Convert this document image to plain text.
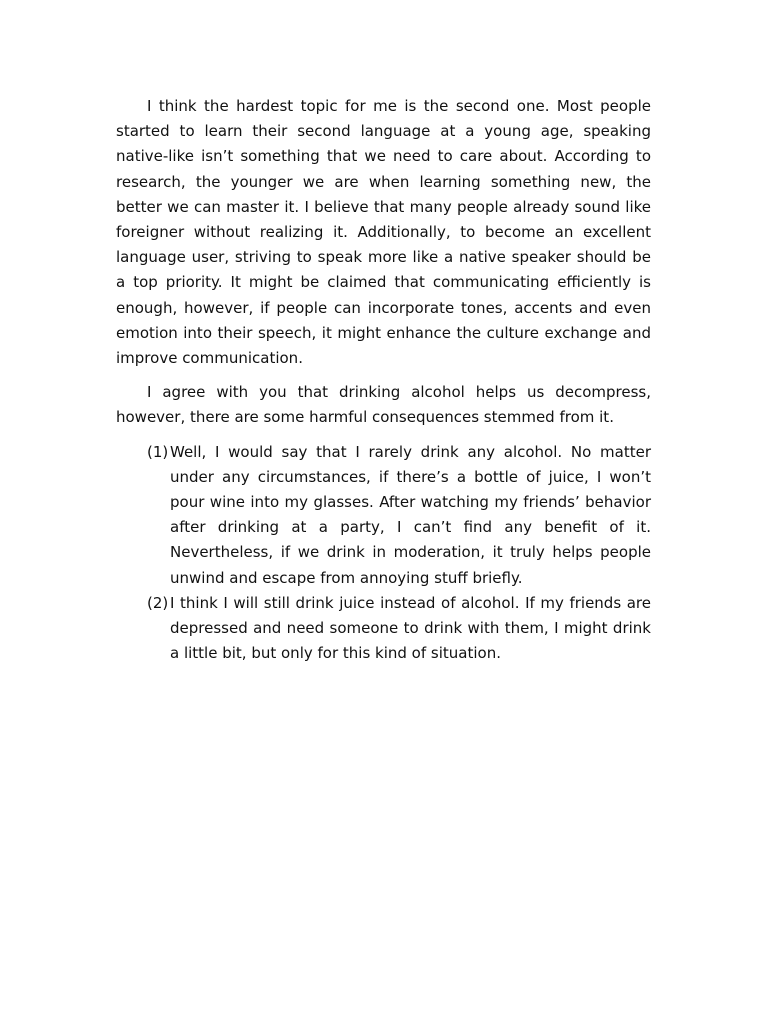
I think the hardest topic for me is the second one. Most people started to learn their second language at a young age, speaking native-like isn’t something that we need to care about. According to research, the younger we are when learning something new, the better we can master it. I believe that many people already sound like foreigner without realizing it. Additionally, to become an excellent language user, striving to speak more like a native speaker should be a top priority. It might be claimed that communicating efficiently is enough, however, if people can incorporate tones, accents and even emotion into their speech, it might enhance the culture exchange and improve communication.

I agree with you that drinking alcohol helps us decompress, however, there are some harmful consequences stemmed from it.

(1) Well, I would say that I rarely drink any alcohol. No matter under any circumstances, if there’s a bottle of juice, I won’t pour wine into my glasses. After watching my friends’ behavior after drinking at a party, I can’t find any benefit of it. Nevertheless, if we drink in moderation, it truly helps people unwind and escape from annoying stuff briefly.
(2) I think I will still drink juice instead of alcohol. If my friends are depressed and need someone to drink with them, I might drink a little bit, but only for this kind of situation.
